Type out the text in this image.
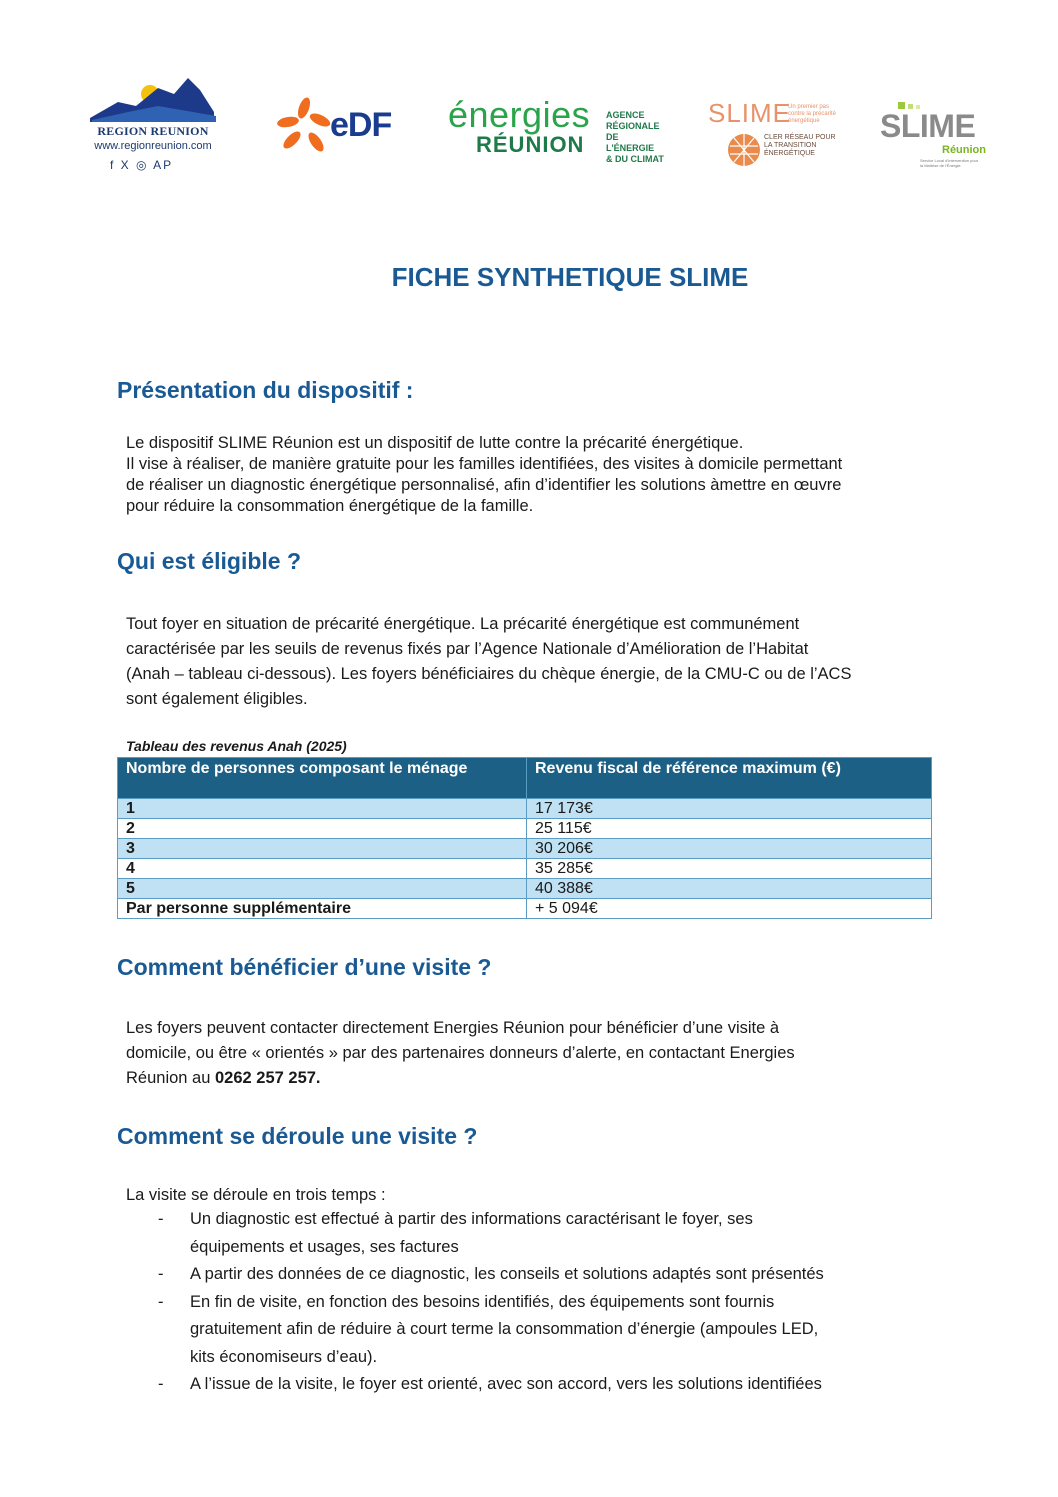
REGION REUNION
www.regionreunion.com
f X ◎ AP
eDF énergies
RÉUNION
AGENCE
RÉGIONALE
DE L'ÉNERGIE
& DU CLIMAT
SLIME
Un premier pas contre la précarité énergétique
CLER RÉSEAU POUR LA TRANSITION ÉNERGÉTIQUE
SLIME
Réunion
Service Local d'Intervention pour la Maîtrise de l'Énergie
FICHE SYNTHETIQUE SLIME
Présentation du dispositif :
Le dispositif SLIME Réunion est un dispositif de lutte contre la précarité énergétique.
Il vise à réaliser, de manière gratuite pour les familles identifiées, des visites à domicile permettant
de réaliser un diagnostic énergétique personnalisé, afin d’identifier les solutions àmettre en œuvre
pour réduire la consommation énergétique de la famille.
Qui est éligible ?
Tout foyer en situation de précarité énergétique. La précarité énergétique est communément
caractérisée par les seuils de revenus fixés par l’Agence Nationale d’Amélioration de l’Habitat
(Anah – tableau ci-dessous). Les foyers bénéficiaires du chèque énergie, de la CMU-C ou de l’ACS
sont également éligibles.
Tableau des revenus Anah (2025)
Nombre de personnes composant le ménage	Revenu fiscal de référence maximum (€)
1	17 173€
2	25 115€
3	30 206€
4	35 285€
5	40 388€
Par personne supplémentaire	+ 5 094€
Comment bénéficier d’une visite ?
Les foyers peuvent contacter directement Energies Réunion pour bénéficier d’une visite à
domicile, ou être « orientés » par des partenaires donneurs d’alerte, en contactant Energies
Réunion au 0262 257 257.
Comment se déroule une visite ?
La visite se déroule en trois temps :
- Un diagnostic est effectué à partir des informations caractérisant le foyer, ses
équipements et usages, ses factures
- A partir des données de ce diagnostic, les conseils et solutions adaptés sont présentés
- En fin de visite, en fonction des besoins identifiés, des équipements sont fournis
gratuitement afin de réduire à court terme la consommation d’énergie (ampoules LED,
kits économiseurs d’eau).
- A l’issue de la visite, le foyer est orienté, avec son accord, vers les solutions identifiées
